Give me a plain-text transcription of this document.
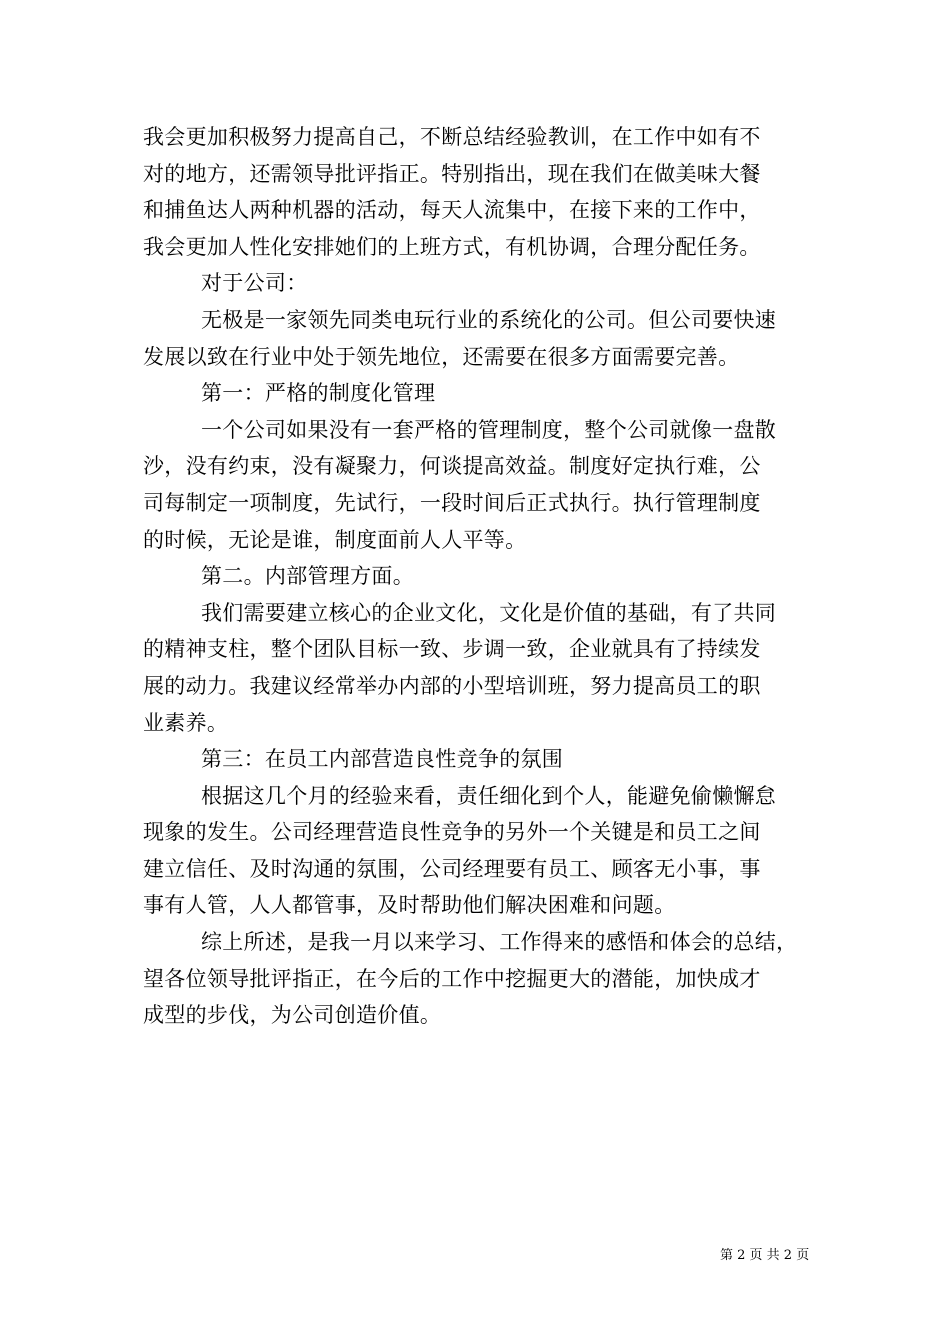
我会更加积极努力提高自己，不断总结经验教训，在工作中如有不
对的地方，还需领导批评指正。特别指出，现在我们在做美味大餐
和捕鱼达人两种机器的活动，每天人流集中，在接下来的工作中，
我会更加人性化安排她们的上班方式，有机协调，合理分配任务。
对于公司：
无极是一家领先同类电玩行业的系统化的公司。但公司要快速
发展以致在行业中处于领先地位，还需要在很多方面需要完善。
第一：严格的制度化管理
一个公司如果没有一套严格的管理制度，整个公司就像一盘散
沙，没有约束，没有凝聚力，何谈提高效益。制度好定执行难，公
司每制定一项制度，先试行，一段时间后正式执行。执行管理制度
的时候，无论是谁，制度面前人人平等。
第二。内部管理方面。
我们需要建立核心的企业文化，文化是价值的基础，有了共同
的精神支柱，整个团队目标一致、步调一致，企业就具有了持续发
展的动力。我建议经常举办内部的小型培训班，努力提高员工的职
业素养。
第三：在员工内部营造良性竞争的氛围
根据这几个月的经验来看，责任细化到个人，能避免偷懒懈怠
现象的发生。公司经理营造良性竞争的另外一个关键是和员工之间
建立信任、及时沟通的氛围，公司经理要有员工、顾客无小事，事
事有人管，人人都管事，及时帮助他们解决困难和问题。
综上所述，是我一月以来学习、工作得来的感悟和体会的总结，
望各位领导批评指正，在今后的工作中挖掘更大的潜能，加快成才
成型的步伐，为公司创造价值。
第 2 页 共 2 页
